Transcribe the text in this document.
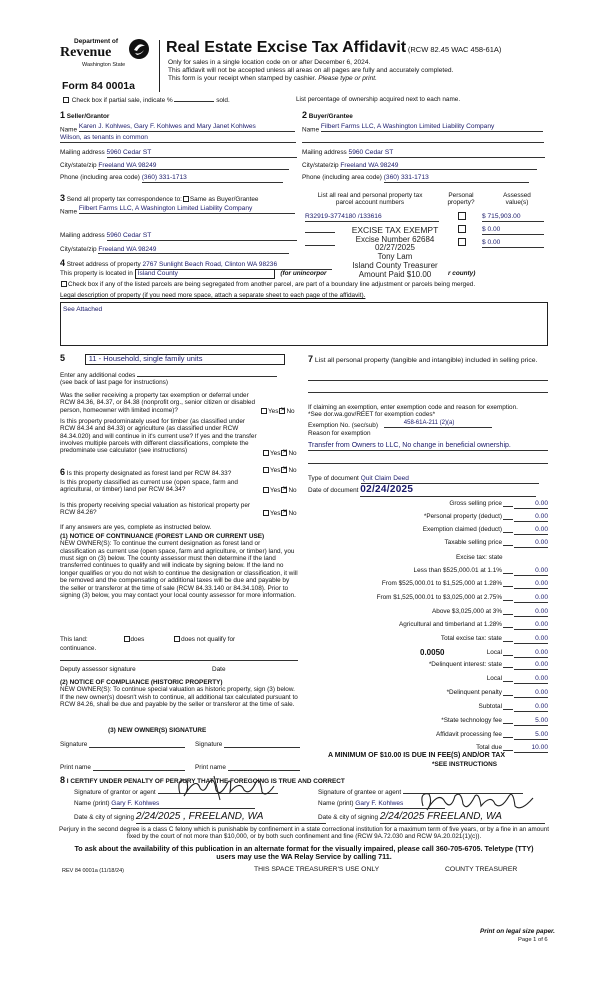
Department of
Revenue
Washington State
Form 84 0001a
Real Estate Excise Tax Affidavit (RCW 82.45 WAC 458-61A)
Only for sales in a single location code on or after December 6, 2024.
This affidavit will not be accepted unless all areas on all pages are fully and accurately completed.
This form is your receipt when stamped by cashier. Please type or print.
Check box if partial sale, indicate %	sold.	List percentage of ownership acquired next to each name.
1 Seller/Grantor
Name Karen J. Kohlwes, Gary F. Kohlwes and Mary Janet Kohlwes
Wilson, as tenants in common
Mailing address 5960 Cedar ST
City/state/zip Freeland WA 98249
Phone (including area code) (360) 331-1713
2 Buyer/Grantee
Name Filbert Farms LLC, A Washington Limited Liability Company
Mailing address 5960 Cedar ST
City/state/zip Freeland WA 98249
Phone (including area code) (360) 331-1713
3 Send all property tax correspondence to: Same as Buyer/Grantee
Name Filbert Farms LLC, A Washington Limited Liability Company
Mailing address 5960 Cedar ST
City/state/zip Freeland WA 98249
List all real and personal property tax parcel account numbers
Personal property?
Assessed value(s)
R32919-3774180 /133616	$ 715,903.00
$ 0.00
$ 0.00
EXCISE TAX EXEMPT
Excise Number 62684
02/27/2025
Tony Lam
Island County Treasurer
Amount Paid $10.00
4 Street address of property 2767 Sunlight Beach Road, Clinton WA 98236
This property is located in Island County	(for unincorpor	r county)
Check box if any of the listed parcels are being segregated from another parcel, are part of a boundary line adjustment or parcels being merged.
Legal description of property (if you need more space, attach a separate sheet to each page of the affidavit).
See Attached
5	11 - Household, single family units
Enter any additional codes
(see back of last page for instructions)
Was the seller receiving a property tax exemption or deferral under RCW 84.36, 84.37, or 84.38 (nonprofit org., senior citizen or disabled person, homeowner with limited income)?	Yes ✕ No
Is this property predominately used for timber (as classified under RCW 84.34 and 84.33) or agriculture (as classified under RCW 84.34.020) and will continue in it's current use? If yes and the transfer involves multiple parcels with different classifications, complete the predominate use calculator (see instructions)	Yes ✕ No
6 Is this property designated as forest land per RCW 84.33?	Yes ✕ No
Is this property classified as current use (open space, farm and agricultural, or timber) land per RCW 84.34?	Yes ✕ No
Is this property receiving special valuation as historical property per RCW 84.26?	Yes ✕ No
If any answers are yes, complete as instructed below.
(1) NOTICE OF CONTINUANCE (FOREST LAND OR CURRENT USE)
NEW OWNER(S): To continue the current designation as forest land or classification as current use (open space, farm and agriculture, or timber) land, you must sign on (3) below. The county assessor must then determine if the land transferred continues to qualify and will indicate by signing below. If the land no longer qualifies or you do not wish to continue the designation or classification, it will be removed and the compensating or additional taxes will be due and payable by the seller or transferor at the time of sale (RCW 84.33.140 or 84.34.108). Prior to signing (3) below, you may contact your local county assessor for more information.
This land:	does	does not qualify for
continuance.
Deputy assessor signature	Date
(2) NOTICE OF COMPLIANCE (HISTORIC PROPERTY)
NEW OWNER(S): To continue special valuation as historic property, sign (3) below. If the new owner(s) doesn't wish to continue, all additional tax calculated pursuant to RCW 84.26, shall be due and payable by the seller or transferor at the time of sale.
(3) NEW OWNER(S) SIGNATURE
Signature	Signature
Print name	Print name
7 List all personal property (tangible and intangible) included in selling price.
If claiming an exemption, enter exemption code and reason for exemption. *See dor.wa.gov/REET for exemption codes*
Exemption No. (sec/sub)	458-61A-211 (2)(a)
Reason for exemption
Transfer from Owners to LLC, No change in beneficial ownership.
Type of document Quit Claim Deed
Date of document 02/24/2025
Gross selling price	0.00
*Personal property (deduct)	0.00
Exemption claimed (deduct)	0.00
Taxable selling price	0.00
Excise tax: state
Less than $525,000.01 at 1.1%	0.00
From $525,000.01 to $1,525,000 at 1.28%	0.00
From $1,525,000.01 to $3,025,000 at 2.75%	0.00
Above $3,025,000 at 3%	0.00
Agricultural and timberland at 1.28%	0.00
Total excise tax: state	0.00
0.0050	Local	0.00
*Delinquent interest: state	0.00
Local	0.00
*Delinquent penalty	0.00
Subtotal	0.00
*State technology fee	5.00
Affidavit processing fee	5.00
Total due	10.00
A MINIMUM OF $10.00 IS DUE IN FEE(S) AND/OR TAX
*SEE INSTRUCTIONS
8 I CERTIFY UNDER PENALTY OF PERJURY THAT THE FOREGOING IS TRUE AND CORRECT
Signature of grantor or agent	Signature of grantee or agent
Name (print) Gary F. Kohlwes	Name (print) Gary F. Kohlwes
Date & city of signing 2/24/2025 , FREELAND, WA	Date & city of signing 2/24/2025 FREELAND, WA
Perjury in the second degree is a class C felony which is punishable by confinement in a state correctional institution for a maximum term of five years, or by a fine in an amount fixed by the court of not more than $10,000, or by both such confinement and fine (RCW 9A.72.030 and RCW 9A.20.021(1)(c)).
To ask about the availability of this publication in an alternate format for the visually impaired, please call 360-705-6705. Teletype (TTY) users may use the WA Relay Service by calling 711.
REV 84 0001a (11/18/24)	THIS SPACE TREASURER'S USE ONLY	COUNTY TREASURER
Print on legal size paper.
Page 1 of 6
